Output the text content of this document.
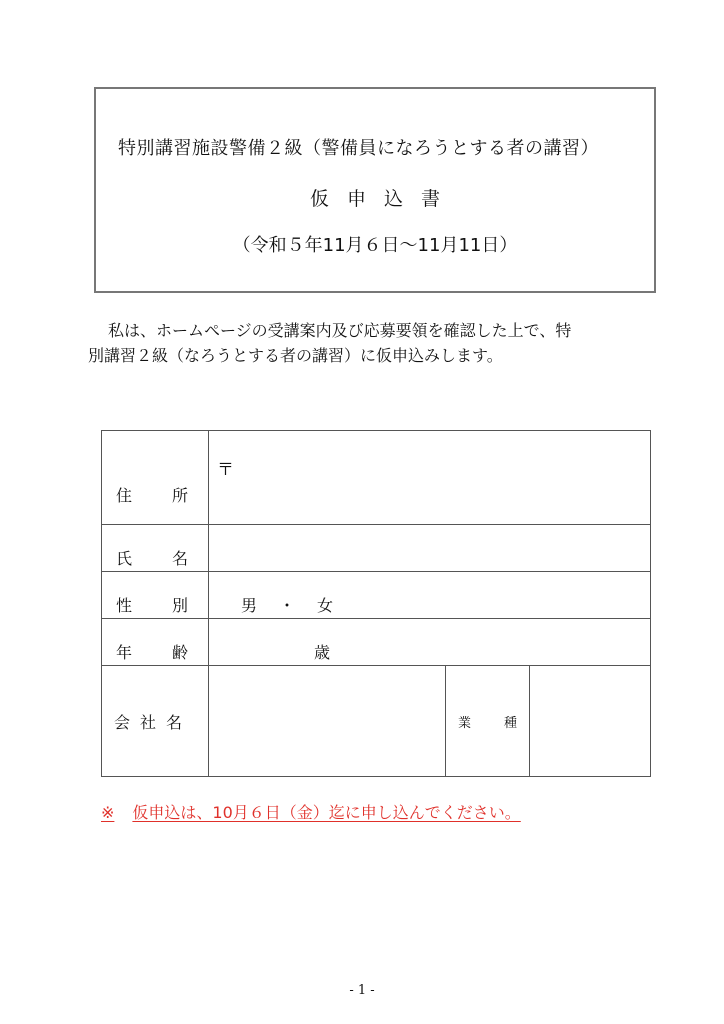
特別講習施設警備２級（警備員になろうとする者の講習）
仮申込書
（令和５年11月６日～11月11日）
私は、ホームページの受講案内及び応募要領を確認した上で、特
別講習２級（なろうとする者の講習）に仮申込みします。
住 所	〒		

氏 名			

性 別	男 ・ 女		

年 齢	歳		

会 社 名		業 種	

※ 仮申込は、10月６日（金）迄に申し込んでください。
- 1 -
